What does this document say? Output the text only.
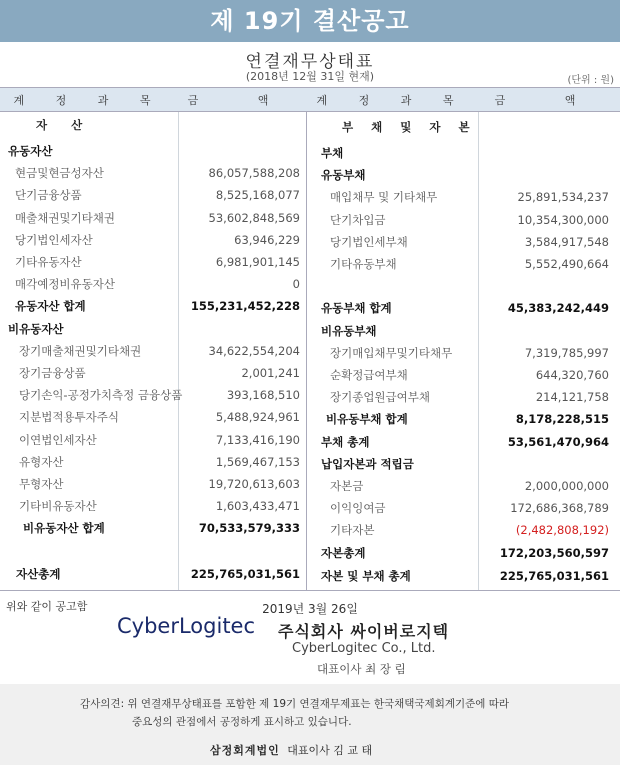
제 19기 결산공고
연결재무상태표
(2018년 12월 31일 현재)	(단위 : 원)
계 정 과 목	금 액	계 정 과 목	금 액
자 산	부 채 및 자 본
유동자산
현금및현금성자산	86,057,588,208
단기금융상품	8,525,168,077
매출채권및기타채권	53,602,848,569
당기법인세자산	63,946,229
기타유동자산	6,981,901,145
매각예정비유동자산	0
유동자산 합계	155,231,452,228
비유동자산
장기매출채권및기타채권	34,622,554,204
장기금융상품	2,001,241
당기손익-공정가치측정 금융상품	393,168,510
지분법적용투자주식	5,488,924,961
이연법인세자산	7,133,416,190
유형자산	1,569,467,153
무형자산	19,720,613,603
기타비유동자산	1,603,433,471
비유동자산 합계	70,533,579,333
부채
유동부채
매입채무 및 기타채무	25,891,534,237
단기차입금	10,354,300,000
당기법인세부채	3,584,917,548
기타유동부채	5,552,490,664
유동부채 합계	45,383,242,449
비유동부채
장기매입채무및기타채무	7,319,785,997
순확정급여부채	644,320,760
장기종업원급여부채	214,121,758
비유동부채 합계	8,178,228,515
부채 총계	53,561,470,964
납입자본과 적립금
자본금	2,000,000,000
이익잉여금	172,686,368,789
기타자본	(2,482,808,192)
자본총계	172,203,560,597
자산총계	225,765,031,561 자본 및 부채 총계	225,765,031,561
위와 같이 공고함	2019년 3월 26일
CyberLogitec 주식회사 싸이버로지텍
CyberLogitec Co., Ltd.
대표이사 최 장 림
감사의견: 위 연결재무상태표를 포함한 제 19기 연결재무제표는 한국채택국제회계기준에 따라
중요성의 관점에서 공정하게 표시하고 있습니다.
삼정회계법인 대표이사 김 교 태
